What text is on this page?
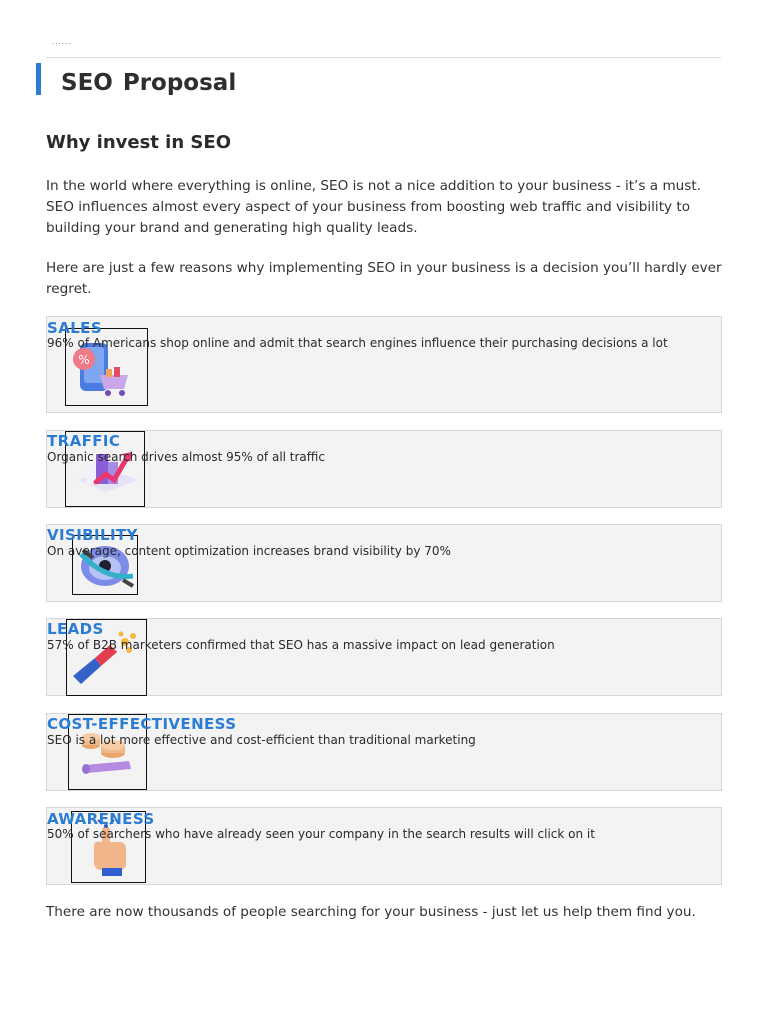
......
SEO Proposal
Why invest in SEO

In the world where everything is online, SEO is not a nice addition to your business - it’s a must. SEO influences almost every aspect of your business from boosting web traffic and visibility to building your brand and generating high quality leads.

Here are just a few reasons why implementing SEO in your business is a decision you’ll hardly ever regret.

SALES
96% of Americans shop online and admit that search engines influence their purchasing decisions a lot
%
TRAFFIC
Organic search drives almost 95% of all traffic
VISIBILITY
On average, content optimization increases brand visibility by 70%
LEADS
57% of B2B marketers confirmed that SEO has a massive impact on lead generation
COST-EFFECTIVENESS
SEO is a lot more effective and cost-efficient than traditional marketing
AWARENESS
50% of searchers who have already seen your company in the search results will click on it

There are now thousands of people searching for your business - just let us help them find you.
